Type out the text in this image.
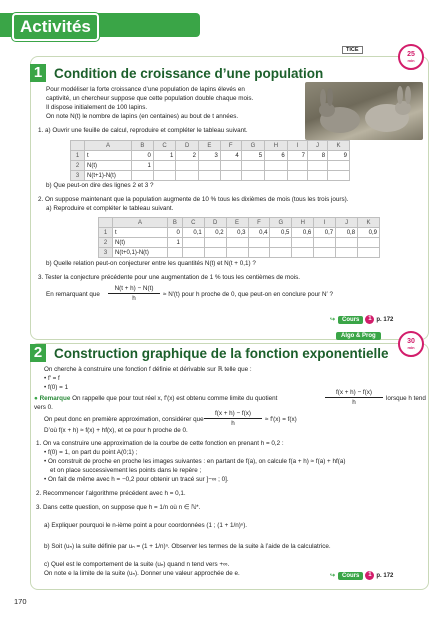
Activités
TICE
25
min
1 Condition de croissance d’une population
Pour modéliser la forte croissance d’une population de lapins élevés en
captivité, un chercheur suppose que cette population double chaque mois.
Il dispose initialement de 100 lapins.
On note N(t) le nombre de lapins (en centaines) au bout de t années.
1. a) Ouvrir une feuille de calcul, reproduire et compléter le tableau suivant.
	A	B	C	D	E	F	G	H	I	J	K
1	t	0	1	2	3	4	5	6	7	8	9
2	N(t)	1									
3	N(t+1)-N(t)										
b) Que peut-on dire des lignes 2 et 3 ?
2. On suppose maintenant que la population augmente de 10 % tous les dixièmes de mois (tous les trois jours).
a) Reproduire et compléter le tableau suivant.
	A	B	C	D	E	F	G	H	I	J	K
1	t	0	0,1	0,2	0,3	0,4	0,5	0,6	0,7	0,8	0,9
2	N(t)	1									
3	N(t+0,1)-N(t)										
b) Quelle relation peut-on conjecturer entre les quantités N(t) et N(t + 0,1) ?
3. Tester la conjecture précédente pour une augmentation de 1 % tous les centièmes de mois.
En remarquant que
N(t + h) − N(t)
h
≈ N′(t) pour h proche de 0, que peut-on en conclure pour N′ ?
↪	Cours	1 p. 172
Algo & Prog
30
min
2 Construction graphique de la fonction exponentielle
On cherche à construire une fonction f définie et dérivable sur ℝ telle que :
• f′ = f
• f(0) = 1
● Remarque On rappelle que pour tout réel x, f′(x) est obtenu comme limite du quotient
f(x + h) − f(x)
h
lorsque h tend
vers 0.
On peut donc en première approximation, considérer que
f(x + h) − f(x)
h
≈ f′(x) = f(x)
D’où f(x + h) ≈ f(x) + hf(x), et ce pour h proche de 0.
1. On va construire une approximation de la courbe de cette fonction en prenant h = 0,2 :
• f(0) = 1, on part du point A(0;1) ;
• On construit de proche en proche les images suivantes : en partant de f(a), on calcule f(a + h) ≈ f(a) + hf(a)
et on place successivement les points dans le repère ;
• On fait de même avec h = −0,2 pour obtenir un tracé sur ]−∞ ; 0].
2. Recommencer l’algorithme précédent avec h = 0,1.
3. Dans cette question, on suppose que h = 1/n où n ∈ ℕ*.
a) Expliquer pourquoi le n-ième point a pour coordonnées (1 ; (1 + 1/n)ⁿ).
b) Soit (uₙ) la suite définie par uₙ = (1 + 1/n)ⁿ. Observer les termes de la suite à l’aide de la calculatrice.
c) Quel est le comportement de la suite (uₙ) quand n tend vers +∞.
On note e la limite de la suite (uₙ). Donner une valeur approchée de e.	↪	Cours	1 p. 172
170
